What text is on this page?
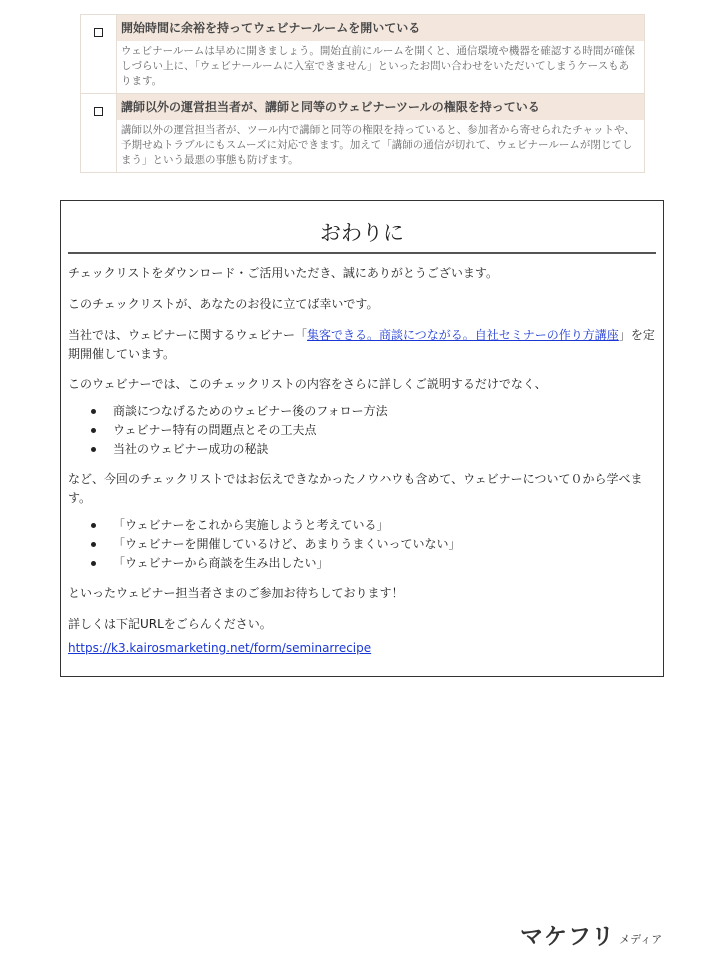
開始時間に余裕を持ってウェビナールームを開いている
ウェビナールームは早めに開きましょう。開始直前にルームを開くと、通信環境や機器を確認する時間が確保しづらい上に、「ウェビナールームに入室できません」といったお問い合わせをいただいてしまうケースもあります。
講師以外の運営担当者が、講師と同等のウェビナーツールの権限を持っている
講師以外の運営担当者が、ツール内で講師と同等の権限を持っていると、参加者から寄せられたチャットや、予期せぬトラブルにもスムーズに対応できます。加えて「講師の通信が切れて、ウェビナールームが閉じてしまう」という最悪の事態も防げます。
おわりに

チェックリストをダウンロード・ご活用いただき、誠にありがとうございます。

このチェックリストが、あなたのお役に立てば幸いです。

当社では、ウェビナーに関するウェビナー「集客できる。商談につながる。自社セミナーの作り方講座」を定期開催しています。

このウェビナーでは、このチェックリストの内容をさらに詳しくご説明するだけでなく、

商談につなげるためのウェビナー後のフォロー方法
ウェビナー特有の問題点とその工夫点
当社のウェビナー成功の秘訣

など、今回のチェックリストではお伝えできなかったノウハウも含めて、ウェビナーについて０から学べます。

「ウェビナーをこれから実施しようと考えている」
「ウェビナーを開催しているけど、あまりうまくいっていない」
「ウェビナーから商談を生み出したい」

といったウェビナー担当者さまのご参加お待ちしております！

詳しくは下記URLをごらんください。

https://k3.kairosmarketing.net/form/seminarrecipe
マケフリ メディア
